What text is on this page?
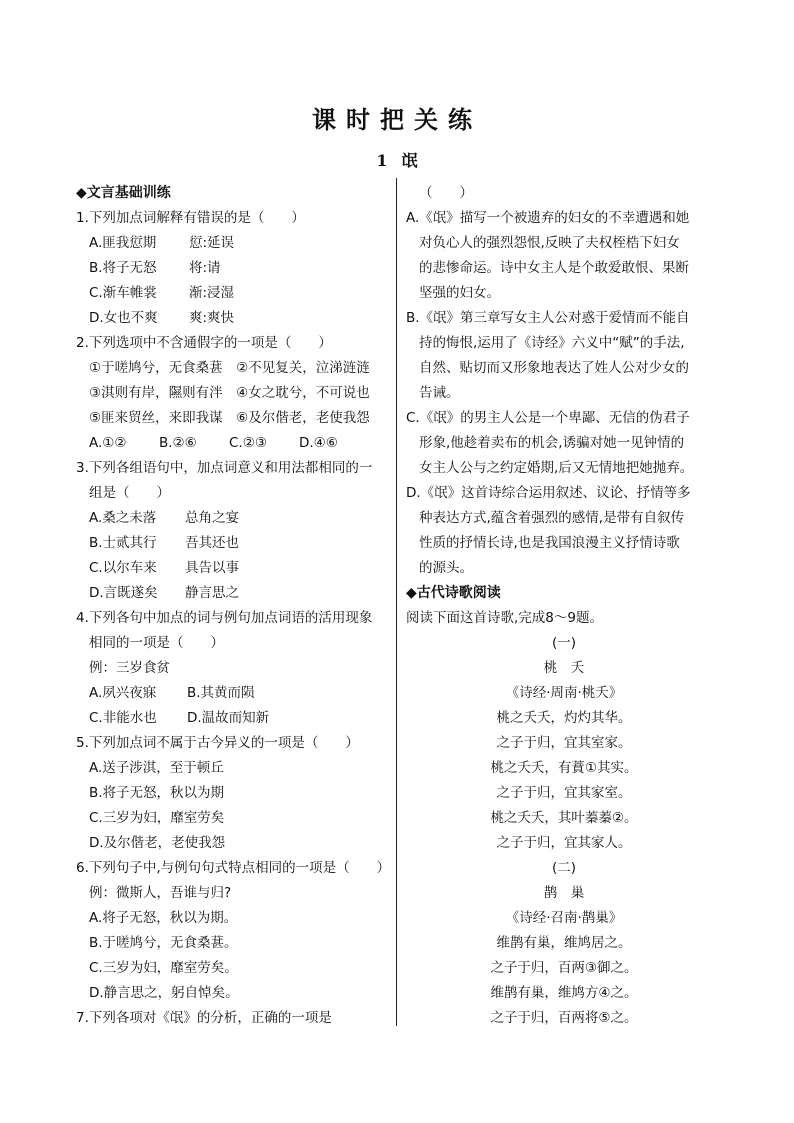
课时把关练
1 氓
◆文言基础训练
1.下列加点词解释有错误的是（　　）
A.匪我愆期 愆:延误
B.将子无怒 将:请
C.渐车帷裳 渐:浸湿
D.女也不爽 爽:爽快
2.下列选项中不含通假字的一项是（　　）
①于嗟鸠兮，无食桑葚　②不见复关，泣涕涟涟
③淇则有岸，隰则有泮　④女之耽兮，不可说也
⑤匪来贸丝，来即我谋　⑥及尔偕老，老使我怨
A.①② B.②⑥ C.②③ D.④⑥
3.下列各组语句中，加点词意义和用法都相同的一
组是（　　）
A.桑之未落 总角之宴
B.士贰其行 吾其还也
C.以尔车来 具告以事
D.言既遂矣 静言思之
4.下列各句中加点的词与例句加点词语的活用现象
相同的一项是（　　）
例：三岁食贫
A.夙兴夜寐 B.其黄而陨
C.非能水也 D.温故而知新
5.下列加点词不属于古今异义的一项是（　　）
A.送子涉淇，至于顿丘
B.将子无怒，秋以为期
C.三岁为妇，靡室劳矣
D.及尔偕老，老使我怨
6.下列句子中,与例句句式特点相同的一项是（　　）
例：微斯人，吾谁与归?
A.将子无怒，秋以为期。
B.于嗟鸠兮，无食桑葚。
C.三岁为妇，靡室劳矣。
D.静言思之，躬自悼矣。
7.下列各项对《氓》的分析，正确的一项是
（　　）
A.《氓》描写一个被遗弃的妇女的不幸遭遇和她
对负心人的强烈怨恨,反映了夫权桎梏下妇女
的悲惨命运。诗中女主人是个敢爱敢恨、果断
坚强的妇女。
B.《氓》第三章写女主人公对惑于爱情而不能自
持的悔恨,运用了《诗经》六义中“赋”的手法,
自然、贴切而又形象地表达了姓人公对少女的
告诫。
C.《氓》的男主人公是一个卑鄙、无信的伪君子
形象,他趁着卖布的机会,诱骗对她一见钟情的
女主人公与之约定婚期,后又无情地把她抛弃。
D.《氓》这首诗综合运用叙述、议论、抒情等多
种表达方式,蕴含着强烈的感情,是带有自叙传
性质的抒情长诗,也是我国浪漫主义抒情诗歌
的源头。
◆古代诗歌阅读
阅读下面这首诗歌,完成8～9题。
(一)
桃　夭
《诗经·周南·桃夭》
桃之夭夭，灼灼其华。
之子于归，宜其室家。
桃之夭夭，有蕡①其实。
之子于归，宜其家室。
桃之夭夭，其叶蓁蓁②。
之子于归，宜其家人。
(二)
鹊　巢
《诗经·召南·鹊巢》
维鹊有巢，维鸠居之。
之子于归，百两③御之。
维鹊有巢，维鸠方④之。
之子于归，百两将⑤之。
